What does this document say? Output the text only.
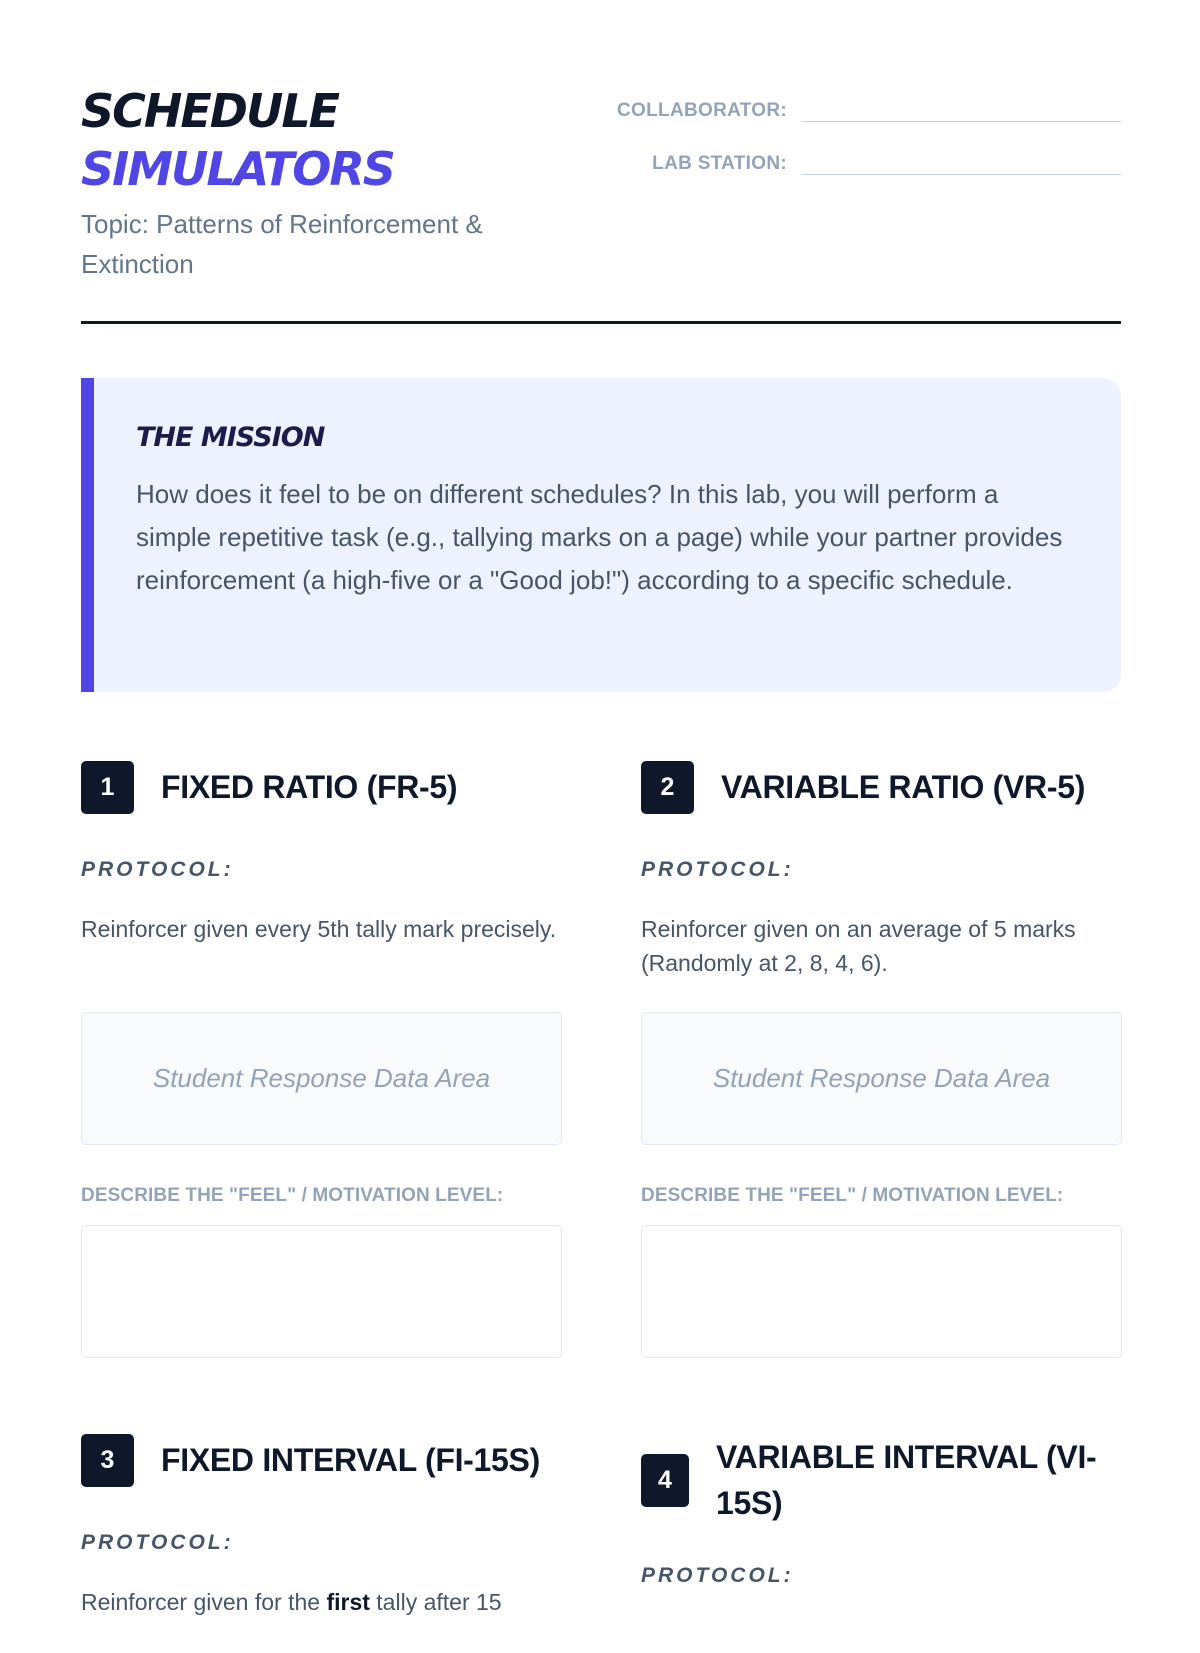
SCHEDULE
SIMULATORS
Topic: Patterns of Reinforcement & Extinction
COLLABORATOR:
LAB STATION:
THE MISSION
How does it feel to be on different schedules? In this lab, you will perform a simple repetitive task (e.g., tallying marks on a page) while your partner provides reinforcement (a high-five or a "Good job!") according to a specific schedule.
1	FIXED RATIO (FR-5)
PROTOCOL:
Reinforcer given every 5th tally mark precisely.
Student Response Data Area
DESCRIBE THE "FEEL" / MOTIVATION LEVEL:
2	VARIABLE RATIO (VR-5)
PROTOCOL:
Reinforcer given on an average of 5 marks (Randomly at 2, 8, 4, 6).
Student Response Data Area
DESCRIBE THE "FEEL" / MOTIVATION LEVEL:
3	FIXED INTERVAL (FI-15S)
PROTOCOL:
Reinforcer given for the first tally after 15
4
VARIABLE INTERVAL (VI-15S)
PROTOCOL:
